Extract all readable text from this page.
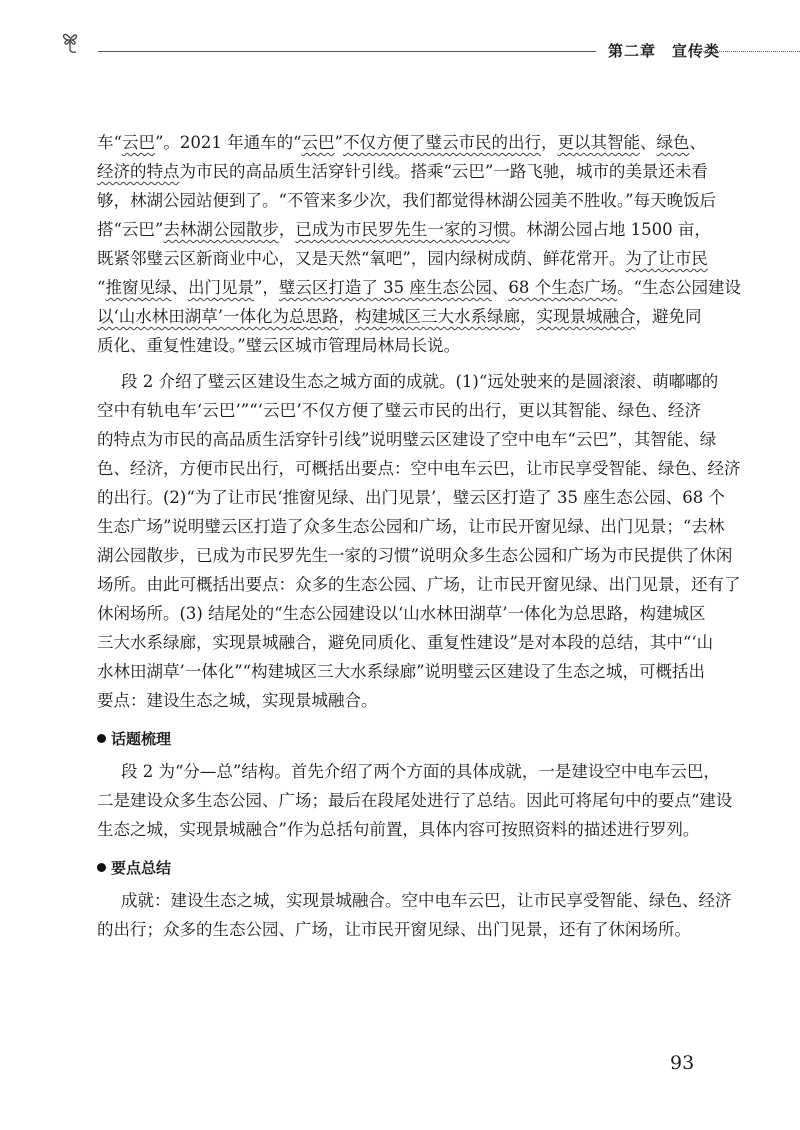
第二章　宣传类
车“云巴”。2021 年通车的“云巴”不仅方便了璧云市民的出行，更以其智能、绿色、
经济的特点为市民的高品质生活穿针引线。搭乘“云巴”一路飞驰，城市的美景还未看
够，林湖公园站便到了。“不管来多少次，我们都觉得林湖公园美不胜收。”每天晚饭后
搭“云巴”去林湖公园散步，已成为市民罗先生一家的习惯。林湖公园占地 1500 亩，
既紧邻璧云区新商业中心，又是天然“氧吧”，园内绿树成荫、鲜花常开。为了让市民
“推窗见绿、出门见景”，璧云区打造了 35 座生态公园、68 个生态广场。“生态公园建设
以‘山水林田湖草’一体化为总思路，构建城区三大水系绿廊，实现景城融合，避免同
质化、重复性建设。”璧云区城市管理局林局长说。
段 2 介绍了璧云区建设生态之城方面的成就。(1)“远处驶来的是圆滚滚、萌嘟嘟的
空中有轨电车‘云巴’”“‘云巴’不仅方便了璧云市民的出行，更以其智能、绿色、经济
的特点为市民的高品质生活穿针引线”说明璧云区建设了空中电车“云巴”，其智能、绿
色、经济，方便市民出行，可概括出要点：空中电车云巴，让市民享受智能、绿色、经济
的出行。(2)“为了让市民‘推窗见绿、出门见景’，璧云区打造了 35 座生态公园、68 个
生态广场”说明璧云区打造了众多生态公园和广场，让市民开窗见绿、出门见景；“去林
湖公园散步，已成为市民罗先生一家的习惯”说明众多生态公园和广场为市民提供了休闲
场所。由此可概括出要点：众多的生态公园、广场，让市民开窗见绿、出门见景，还有了
休闲场所。(3) 结尾处的“生态公园建设以‘山水林田湖草’一体化为总思路，构建城区
三大水系绿廊，实现景城融合，避免同质化、重复性建设”是对本段的总结，其中“‘山
水林田湖草’一体化”“构建城区三大水系绿廊”说明璧云区建设了生态之城，可概括出
要点：建设生态之城，实现景城融合。
话题梳理
段 2 为“分—总”结构。首先介绍了两个方面的具体成就，一是建设空中电车云巴，
二是建设众多生态公园、广场；最后在段尾处进行了总结。因此可将尾句中的要点“建设
生态之城，实现景城融合”作为总括句前置，具体内容可按照资料的描述进行罗列。
要点总结
成就：建设生态之城，实现景城融合。空中电车云巴，让市民享受智能、绿色、经济
的出行；众多的生态公园、广场，让市民开窗见绿、出门见景，还有了休闲场所。
93
